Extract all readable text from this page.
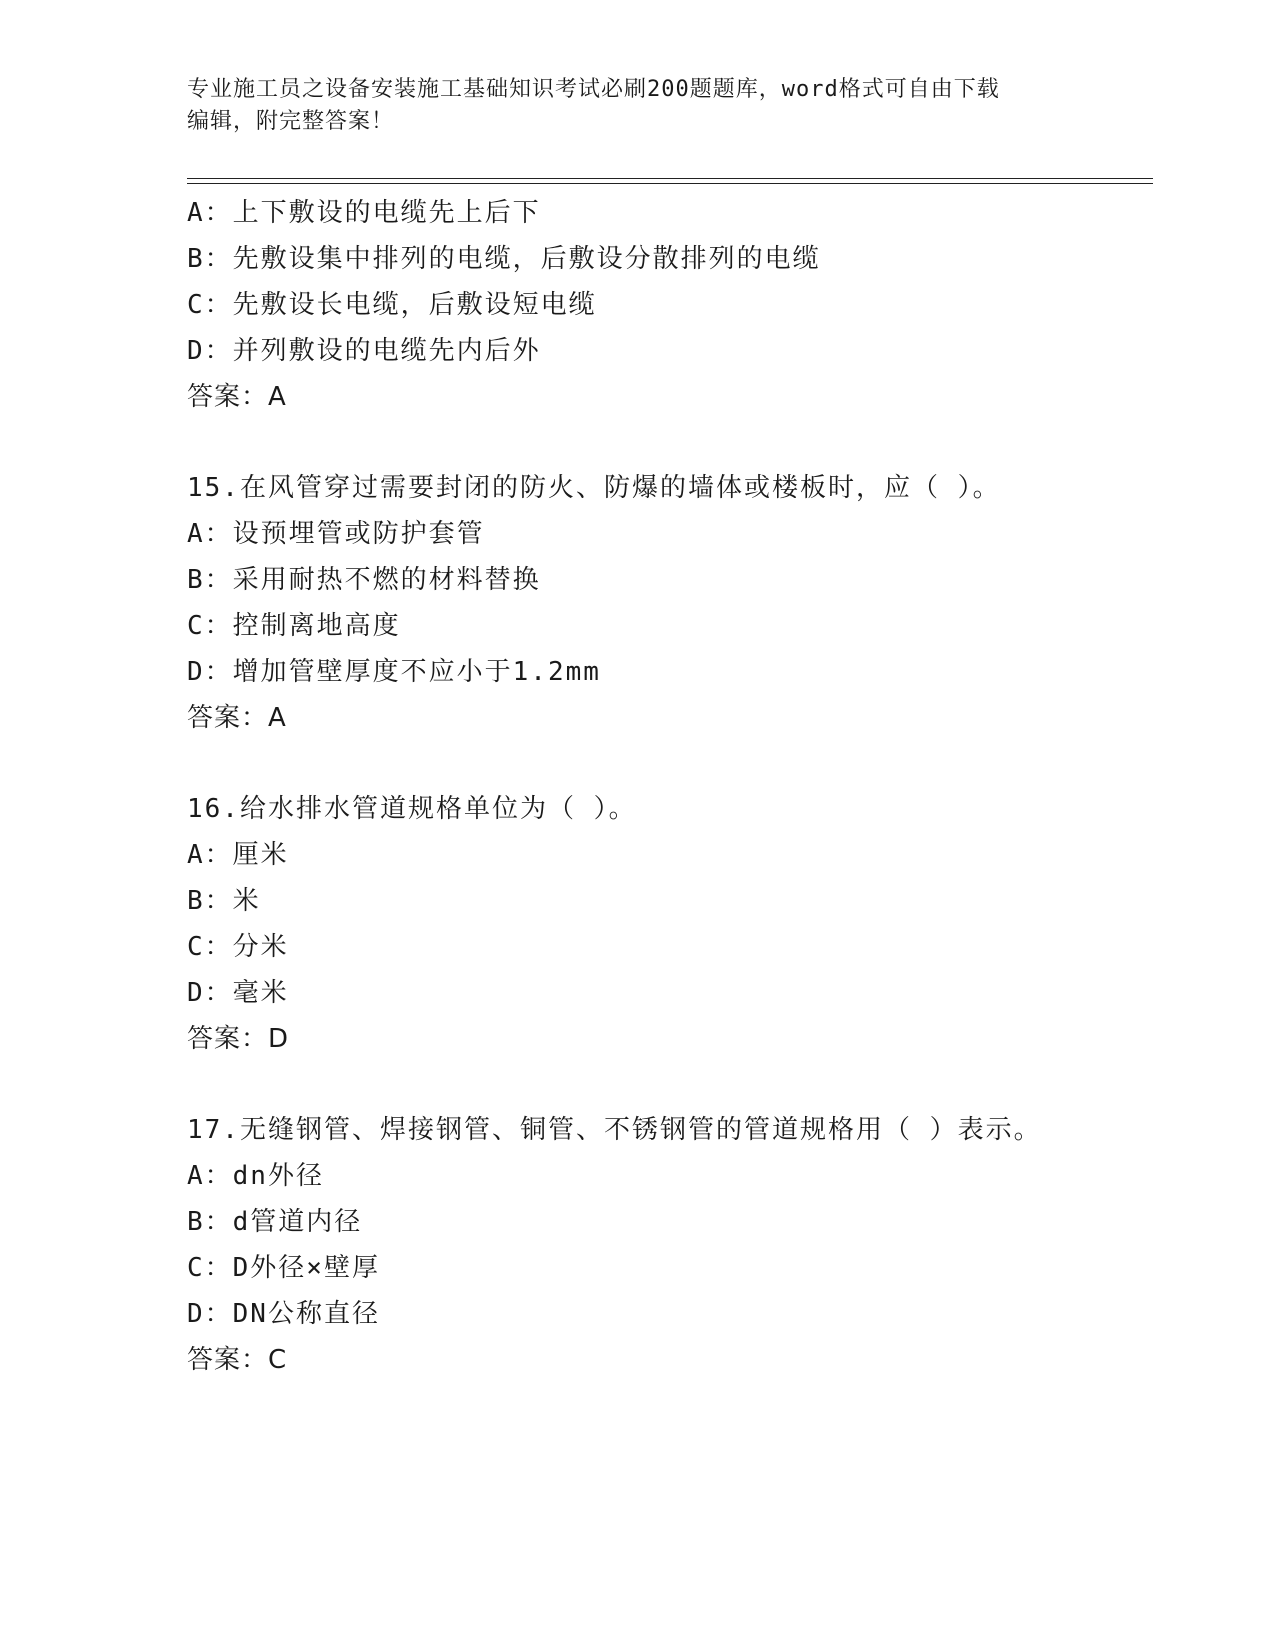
专业施工员之设备安装施工基础知识考试必刷200题题库，word格式可自由下载
编辑，附完整答案！
A：上下敷设的电缆先上后下
B：先敷设集中排列的电缆，后敷设分散排列的电缆
C：先敷设长电缆，后敷设短电缆
D：并列敷设的电缆先内后外
答案：A
15.在风管穿过需要封闭的防火、防爆的墙体或楼板时，应（ ）。
A：设预埋管或防护套管
B：采用耐热不燃的材料替换
C：控制离地高度
D：增加管壁厚度不应小于1.2mm
答案：A
16.给水排水管道规格单位为（ ）。
A：厘米
B：米
C：分米
D：毫米
答案：D
17.无缝钢管、焊接钢管、铜管、不锈钢管的管道规格用（ ）表示。
A：dn外径
B：d管道内径
C：D外径×壁厚
D：DN公称直径
答案：C
